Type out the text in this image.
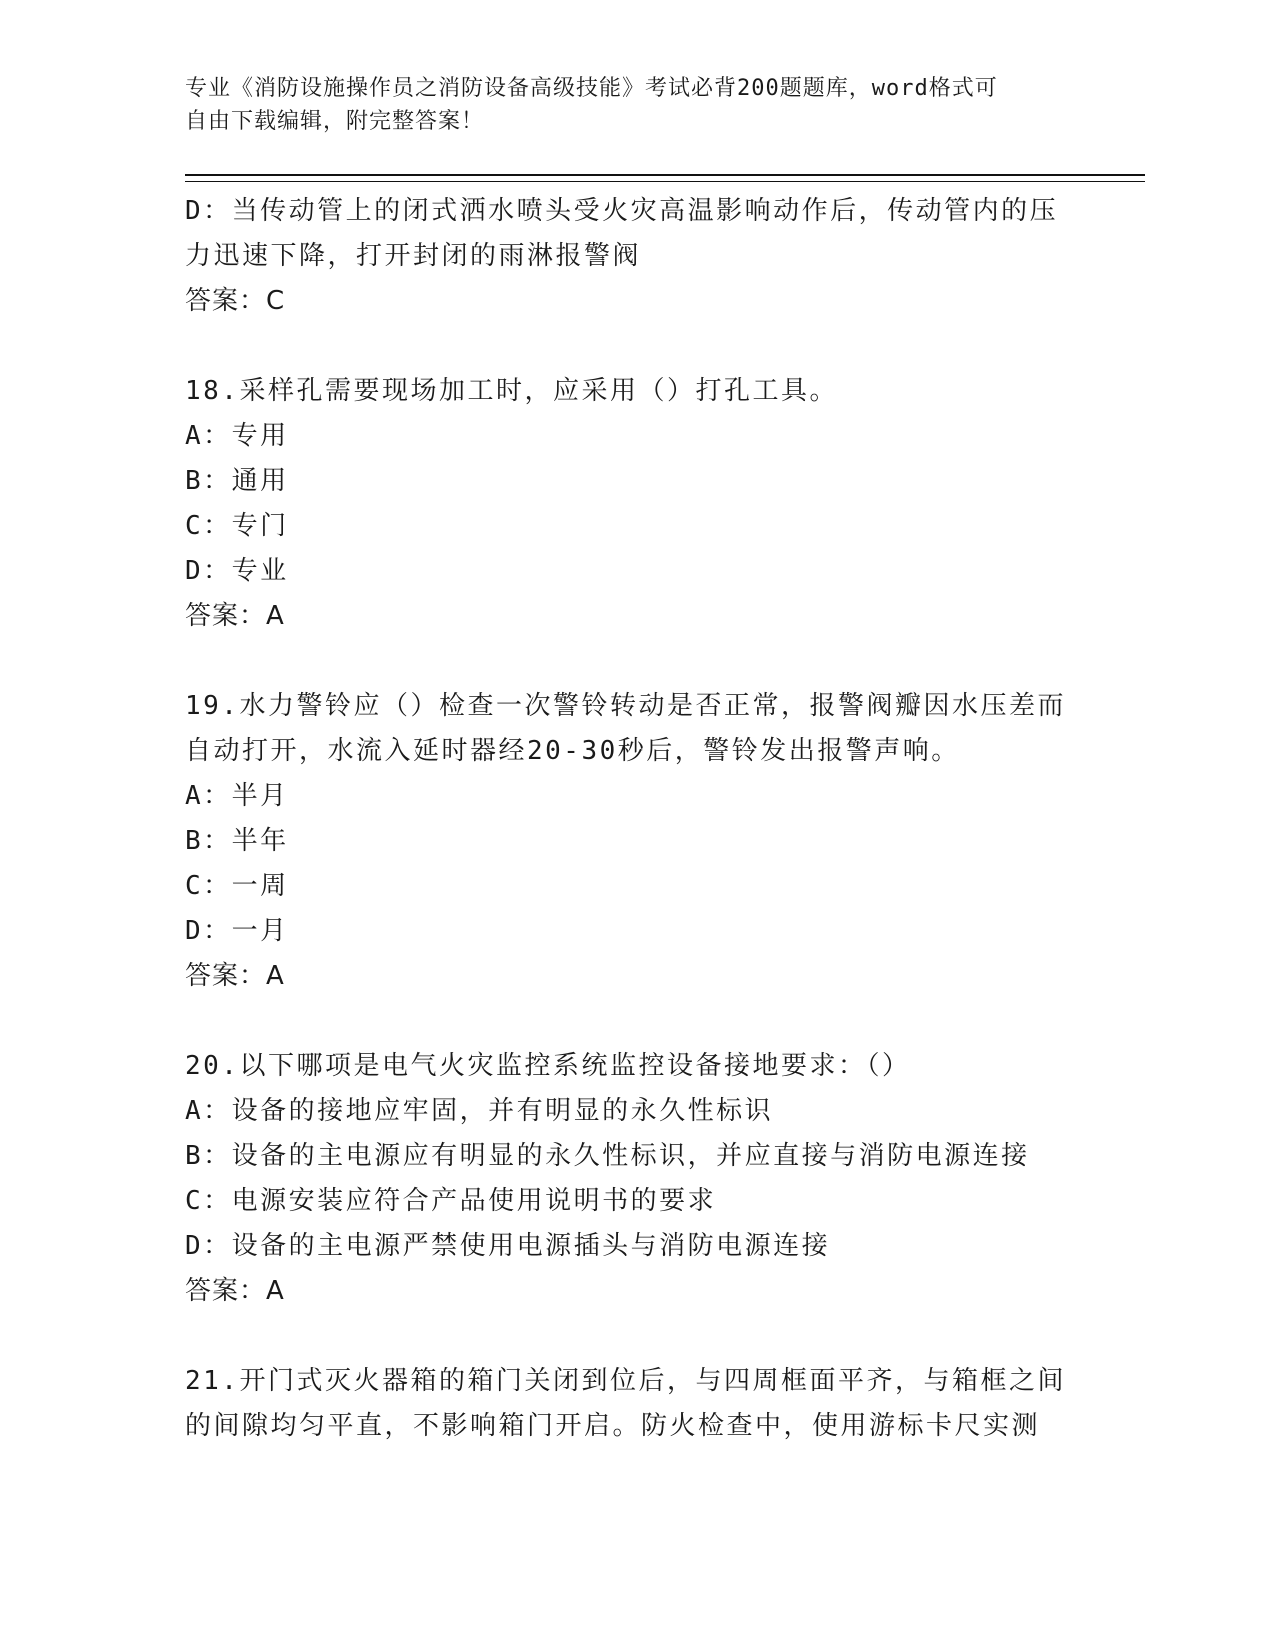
专业《消防设施操作员之消防设备高级技能》考试必背200题题库，word格式可
自由下载编辑，附完整答案！
D：当传动管上的闭式洒水喷头受火灾高温影响动作后，传动管内的压
力迅速下降，打开封闭的雨淋报警阀
答案：C
18.采样孔需要现场加工时，应采用（）打孔工具。
A：专用
B：通用
C：专门
D：专业
答案：A
19.水力警铃应（）检查一次警铃转动是否正常，报警阀瓣因水压差而
自动打开，水流入延时器经20-30秒后，警铃发出报警声响。
A：半月
B：半年
C：一周
D：一月
答案：A
20.以下哪项是电气火灾监控系统监控设备接地要求：（）
A：设备的接地应牢固，并有明显的永久性标识
B：设备的主电源应有明显的永久性标识，并应直接与消防电源连接
C：电源安装应符合产品使用说明书的要求
D：设备的主电源严禁使用电源插头与消防电源连接
答案：A
21.开门式灭火器箱的箱门关闭到位后，与四周框面平齐，与箱框之间
的间隙均匀平直，不影响箱门开启。防火检查中，使用游标卡尺实测
